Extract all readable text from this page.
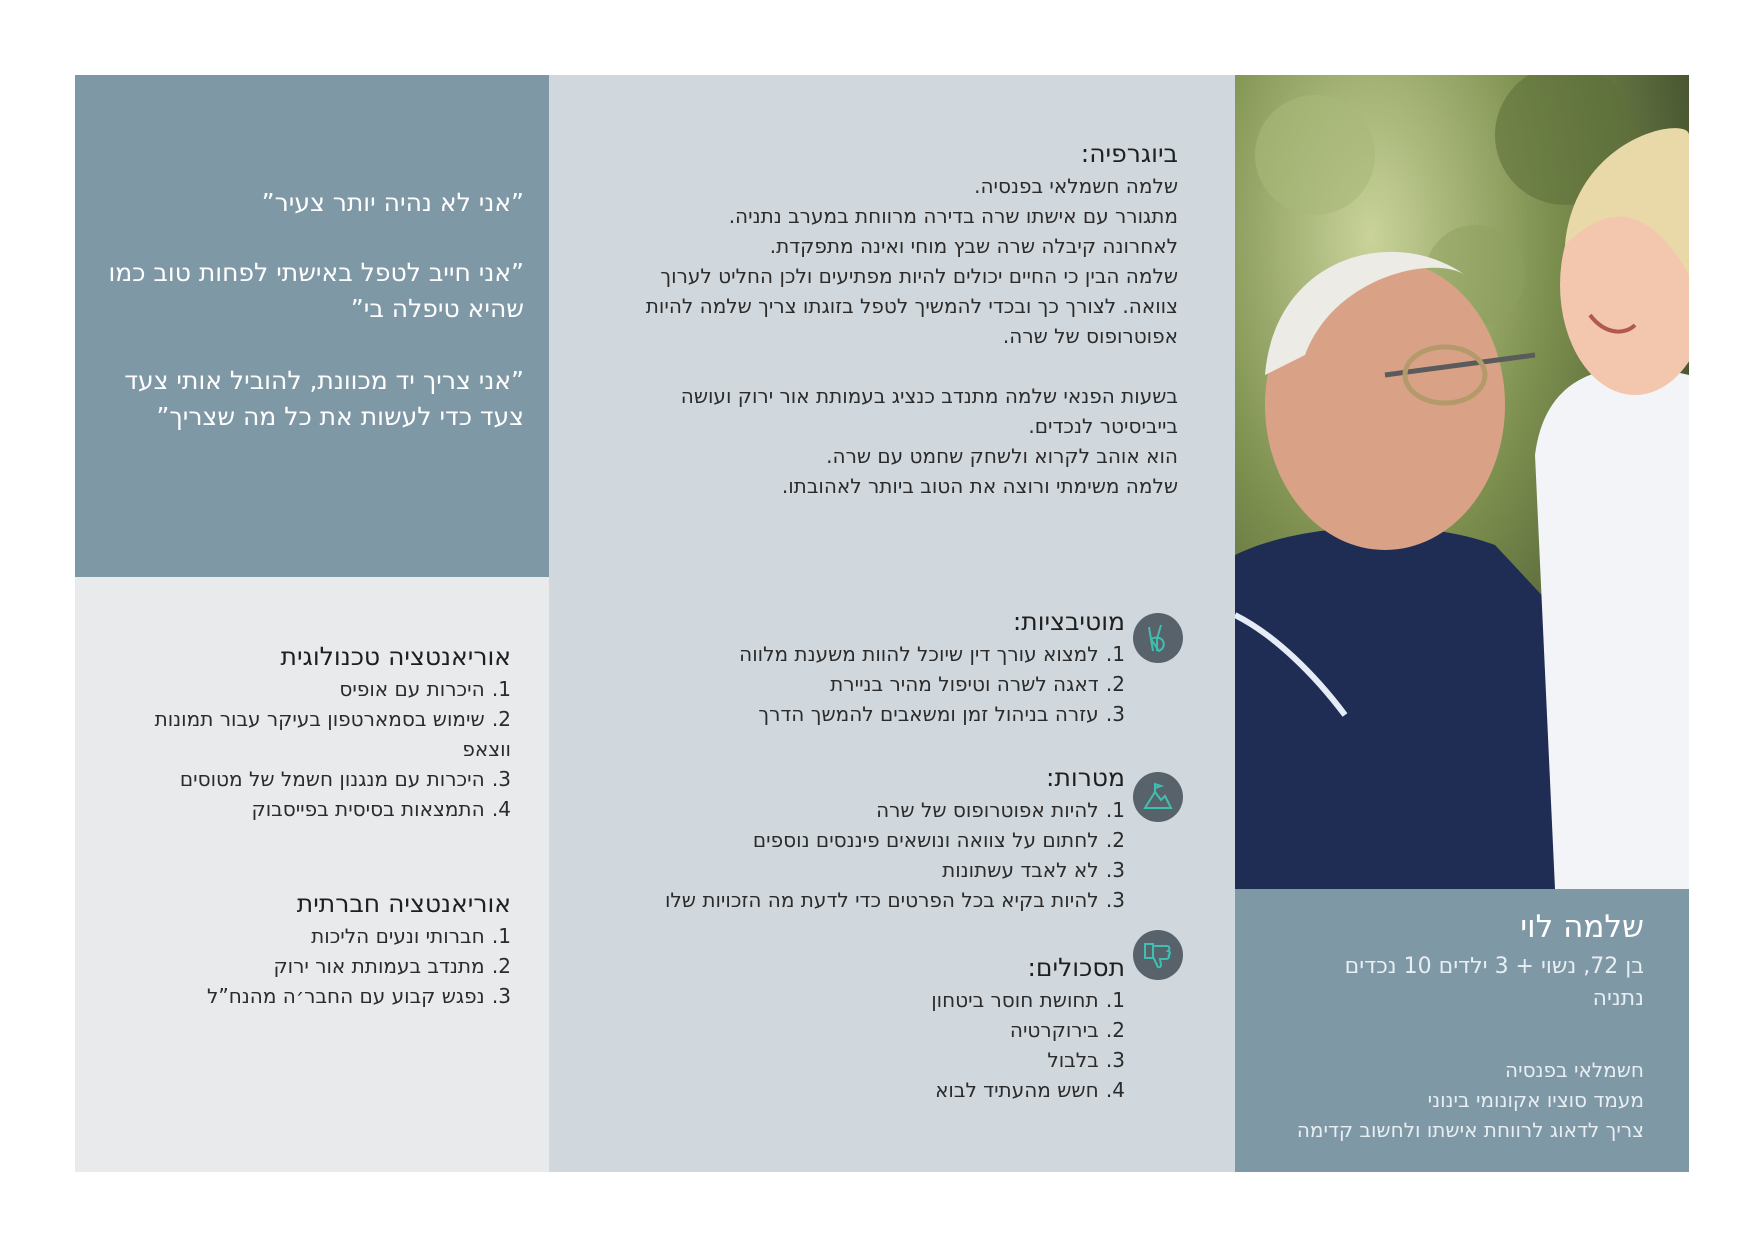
”אני לא נהיה יותר צעיר”
”אני חייב לטפל באישתי לפחות טוב כמו שהיא טיפלה בי”
”אני צריך יד מכוונת, להוביל אותי צעד צעד כדי לעשות את כל מה שצריך”
אוריאנטציה טכנולוגית
1. היכרות עם אופיס
2. שימוש בסמארטפון בעיקר עבור תמונות ווצאפ
3. היכרות עם מנגנון חשמל של מטוסים
4. התמצאות בסיסית בפייסבוק
אוריאנטציה חברתית
1. חברותי ונעים הליכות
2. מתנדב בעמותת אור ירוק
3. נפגש קבוע עם החבר׳ה מהנח”ל
ביוגרפיה:
שלמה חשמלאי בפנסיה.
מתגורר עם אישתו שרה בדירה מרווחת במערב נתניה.
לאחרונה קיבלה שרה שבץ מוחי ואינה מתפקדת.
שלמה הבין כי החיים יכולים להיות מפתיעים ולכן החליט לערוך
צוואה. לצורך כך ובכדי להמשיך לטפל בזוגתו צריך שלמה להיות
אפוטרופוס של שרה.
בשעות הפנאי שלמה מתנדב כנציג בעמותת אור ירוק ועושה
בייביסיטר לנכדים.
הוא אוהב לקרוא ולשחק שחמט עם שרה.
שלמה משימתי ורוצה את הטוב ביותר לאהובתו.
מוטיבציות:
1. למצוא עורך דין שיוכל להוות משענת מלווה
2. דאגה לשרה וטיפול מהיר בניירת
3. עזרה בניהול זמן ומשאבים להמשך הדרך
מטרות:
1. להיות אפוטרופוס של שרה
2. לחתום על צוואה ונושאים פיננסים נוספים
3. לא לאבד עשתונות
3. להיות בקיא בכל הפרטים כדי לדעת מה הזכויות שלו
תסכולים:
1. תחושת חוסר ביטחון
2. בירוקרטיה
3. בלבול
4. חשש מהעתיד לבוא
שלמה לוי
בן 72, נשוי + 3 ילדים 10 נכדים
נתניה
חשמלאי בפנסיה
מעמד סוציו אקונומי בינוני
צריך לדאוג לרווחת אישתו ולחשוב קדימה
